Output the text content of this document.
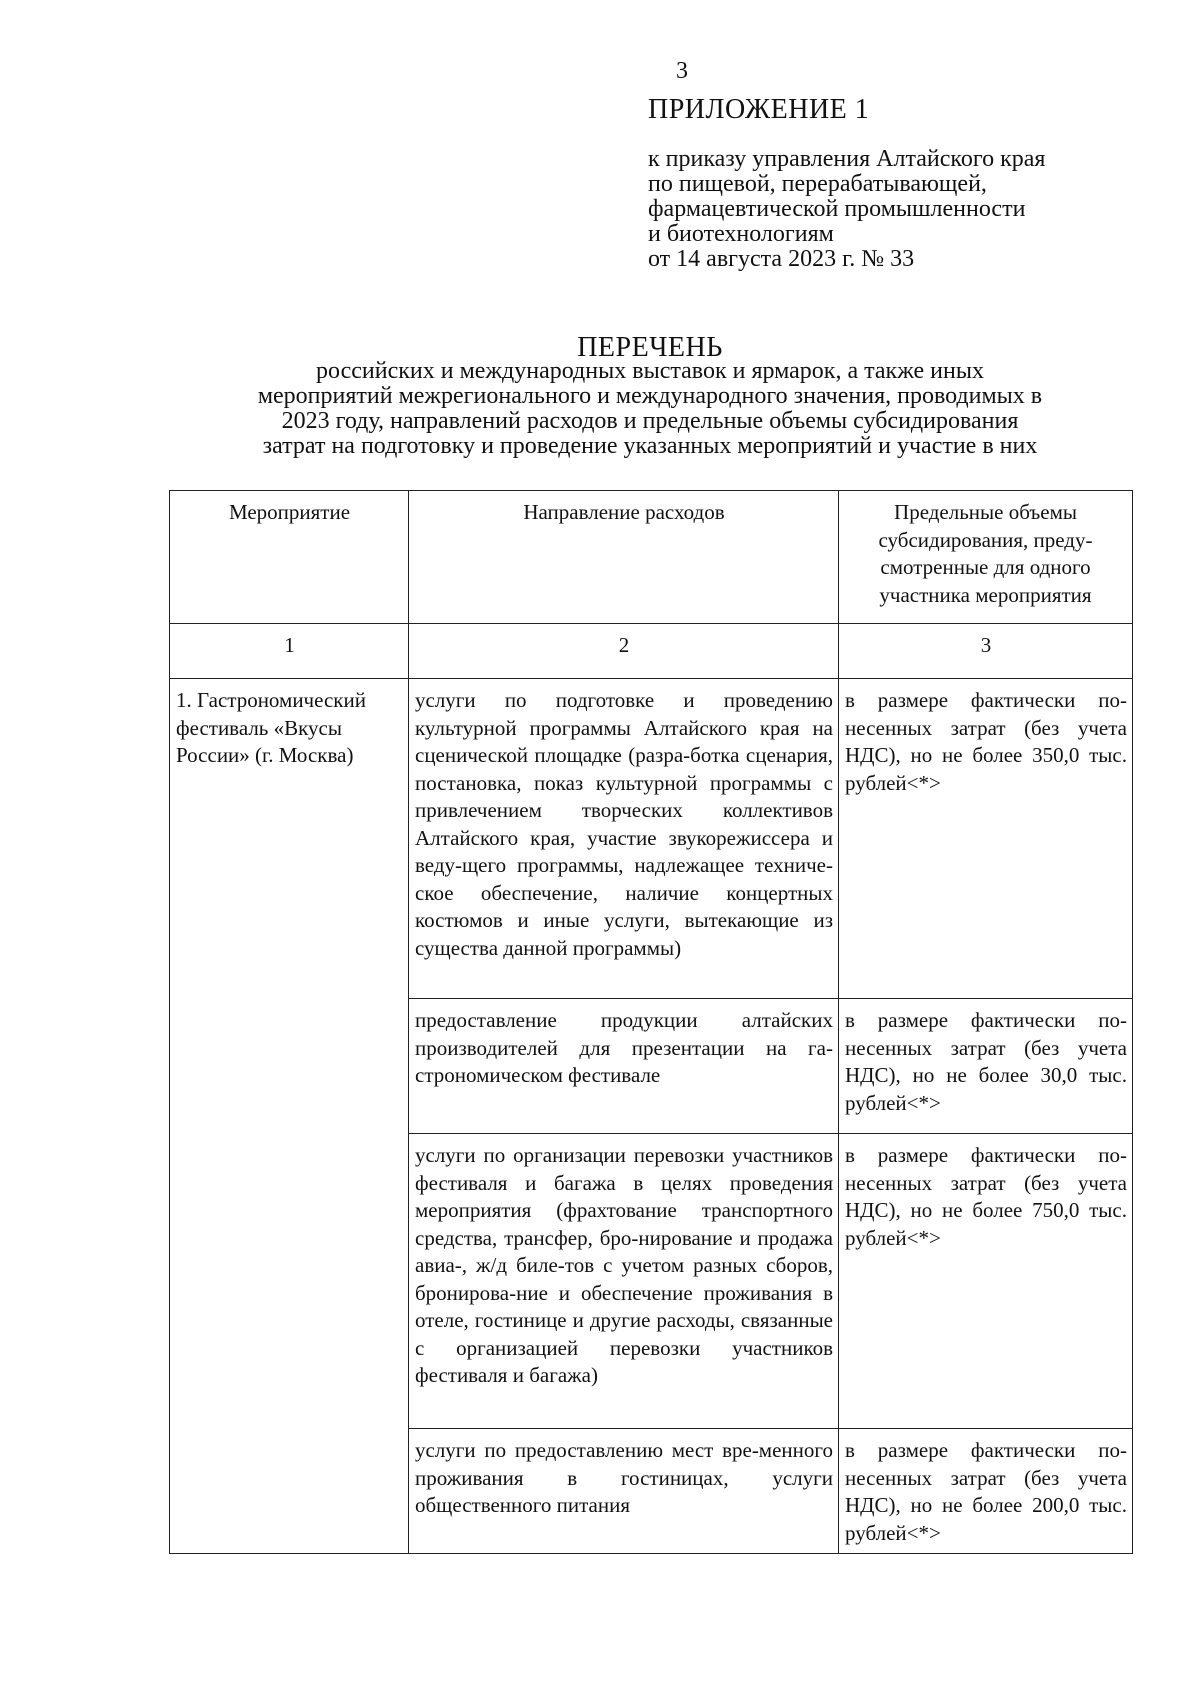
3
ПРИЛОЖЕНИЕ 1
к приказу управления Алтайского края
по пищевой, перерабатывающей,
фармацевтической промышленности
и биотехнологиям
от 14 августа 2023 г. № 33
ПЕРЕЧЕНЬ
российских и международных выставок и ярмарок, а также иных
мероприятий межрегионального и международного значения, проводимых в
2023 году, направлений расходов и предельные объемы субсидирования
затрат на подготовку и проведение указанных мероприятий и участие в них
Мероприятие	Направление расходов	Предельные объемы субсидирования, преду-смотренные для одного участника мероприятия
1	2	3
1. Гастрономический фестиваль «Вкусы России» (г. Москва)	услуги по подготовке и проведению культурной программы Алтайского края на сценической площадке (разра-ботка сценария, постановка, показ культурной программы с привлечением творческих коллективов Алтайского края, участие звукорежиссера и веду-щего программы, надлежащее техниче-ское обеспечение, наличие концертных костюмов и иные услуги, вытекающие из существа данной программы)	в размере фактически по-несенных затрат (без учета НДС), но не более 350,0 тыс. рублей<*>
	предоставление продукции алтайских производителей для презентации на га-строномическом фестивале	в размере фактически по-несенных затрат (без учета НДС), но не более 30,0 тыс. рублей<*>
	услуги по организации перевозки участников фестиваля и багажа в целях проведения мероприятия (фрахтование транспортного средства, трансфер, бро-нирование и продажа авиа-, ж/д биле-тов с учетом разных сборов, бронирова-ние и обеспечение проживания в отеле, гостинице и другие расходы, связанные с организацией перевозки участников фестиваля и багажа)	в размере фактически по-несенных затрат (без учета НДС), но не более 750,0 тыс. рублей<*>
	услуги по предоставлению мест вре-менного проживания в гостиницах, услуги общественного питания	в размере фактически по-несенных затрат (без учета НДС), но не более 200,0 тыс. рублей<*>
